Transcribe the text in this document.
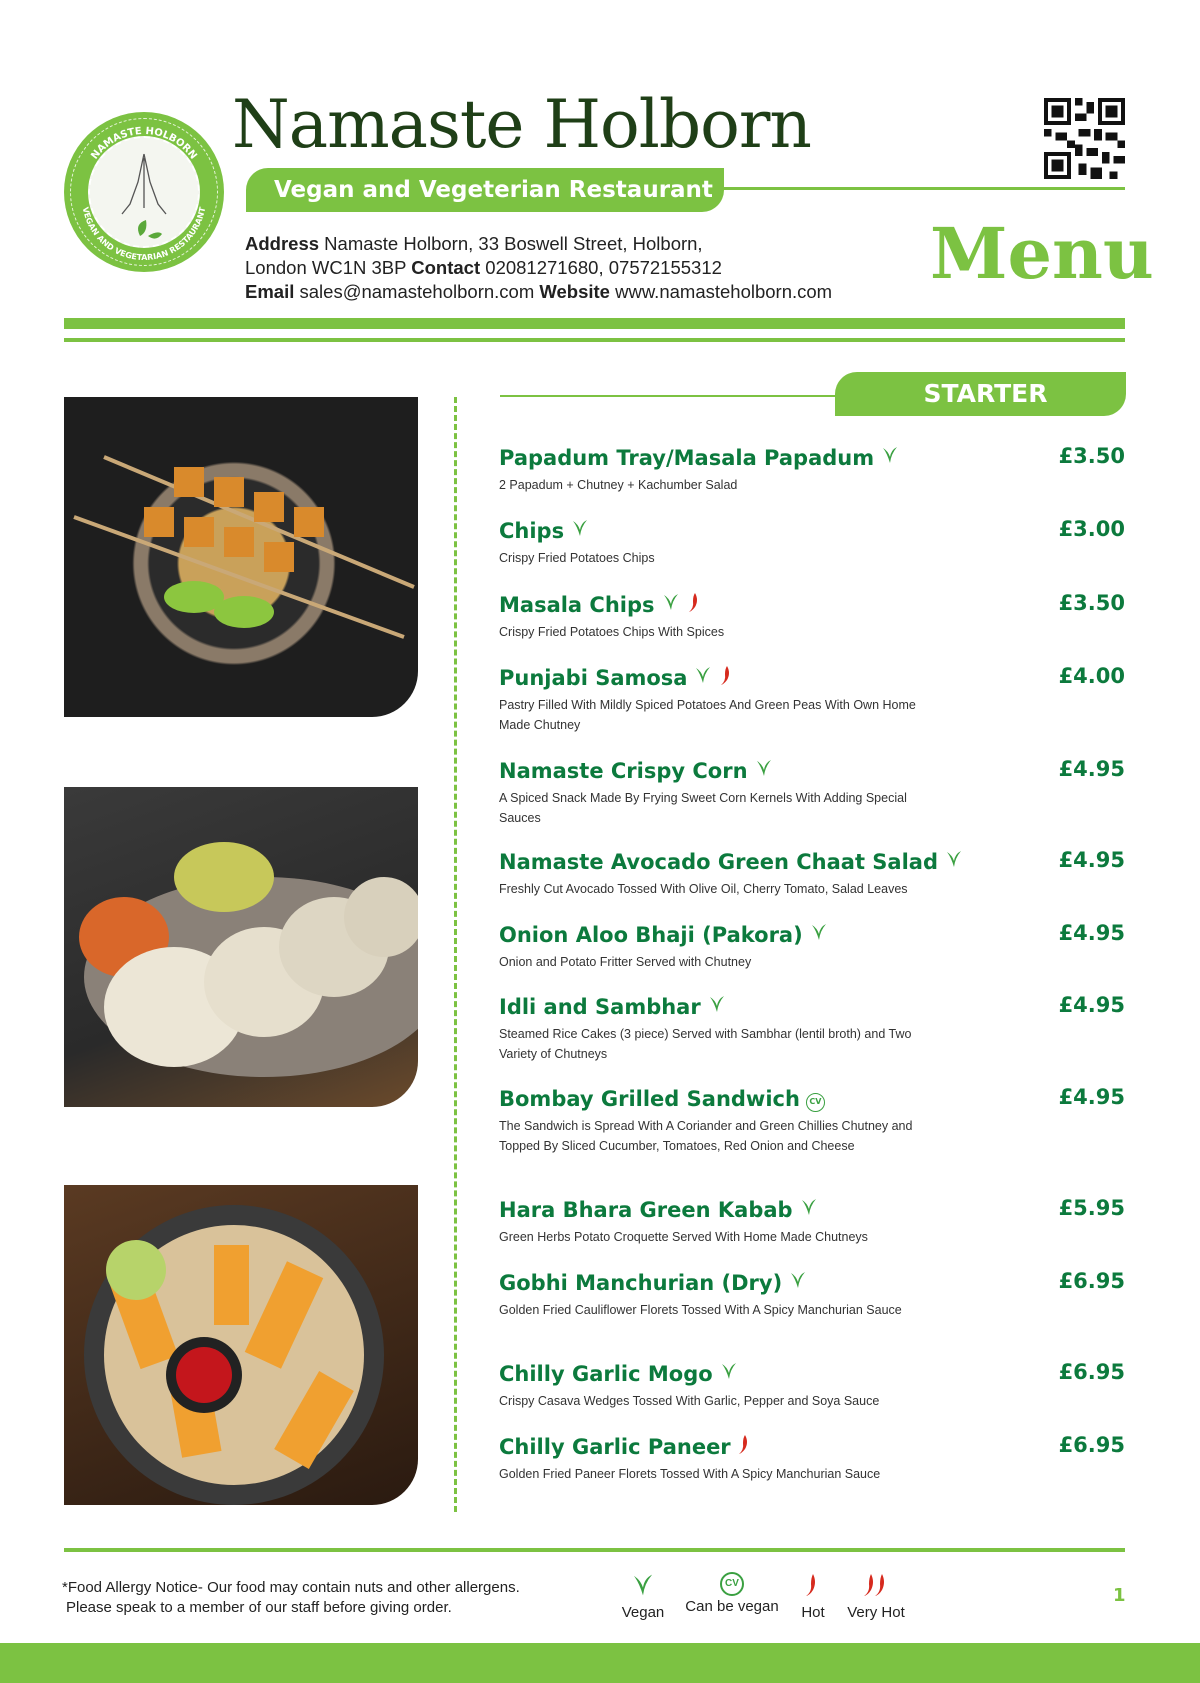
NAMASTE HOLBORN
VEGAN AND VEGETARIAN RESTAURANT
Namaste Holborn
Vegan and Vegeterian Restaurant
Address Namaste Holborn, 33 Boswell Street, Holborn,
London WC1N 3BP Contact 02081271680, 07572155312
Email sales@namasteholborn.com Website www.namasteholborn.com Menu
STARTER
Papadum Tray/Masala Papadum	£3.50
2 Papadum + Chutney + Kachumber Salad
Chips	£3.00
Crispy Fried Potatoes Chips
Masala Chips	£3.50
Crispy Fried Potatoes Chips With Spices
Punjabi Samosa	£4.00
Pastry Filled With Mildly Spiced Potatoes And Green Peas With Own Home Made Chutney
Namaste Crispy Corn	£4.95
A Spiced Snack Made By Frying Sweet Corn Kernels With Adding Special Sauces
Namaste Avocado Green Chaat Salad	£4.95
Freshly Cut Avocado Tossed With Olive Oil, Cherry Tomato, Salad Leaves
Onion Aloo Bhaji (Pakora)	£4.95
Onion and Potato Fritter Served with Chutney
Idli and Sambhar	£4.95
Steamed Rice Cakes (3 piece) Served with Sambhar (lentil broth) and Two Variety of Chutneys
Bombay Grilled Sandwich	CV	£4.95
The Sandwich is Spread With A Coriander and Green Chillies Chutney and Topped By Sliced Cucumber, Tomatoes, Red Onion and Cheese
Hara Bhara Green Kabab	£5.95
Green Herbs Potato Croquette Served With Home Made Chutneys
Gobhi Manchurian (Dry)	£6.95
Golden Fried Cauliflower Florets Tossed With A Spicy Manchurian Sauce
Chilly Garlic Mogo	£6.95
Crispy Casava Wedges Tossed With Garlic, Pepper and Soya Sauce
Chilly Garlic Paneer	£6.95
Golden Fried Paneer Florets Tossed With A Spicy Manchurian Sauce
*Food Allergy Notice- Our food may contain nuts and other allergens.
Please speak to a member of our staff before giving order.	Vegan
CV
Can be vegan	Hot	Very Hot
1
